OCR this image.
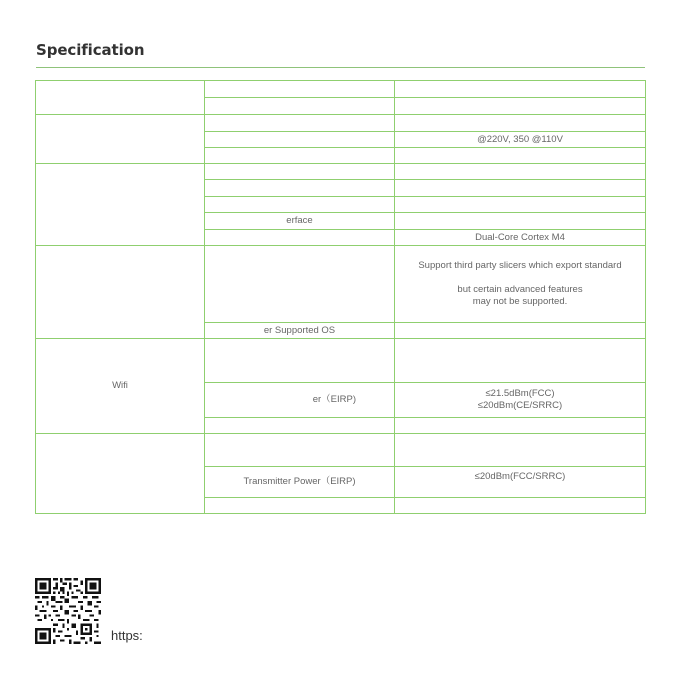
Specification

		@220V, 350 @110V

	erface	
		Dual-Core Cortex M4

		Support third party slicers which export standard
but certain advanced features
may not be supported.

	er Supported OS	
Wifi		
	er（EIRP)	≤21.5dBm(FCC)
≤20dBm(CE/SRRC)

	Transmitter Power（EIRP)	≤20dBm(FCC/SRRC)

https:
